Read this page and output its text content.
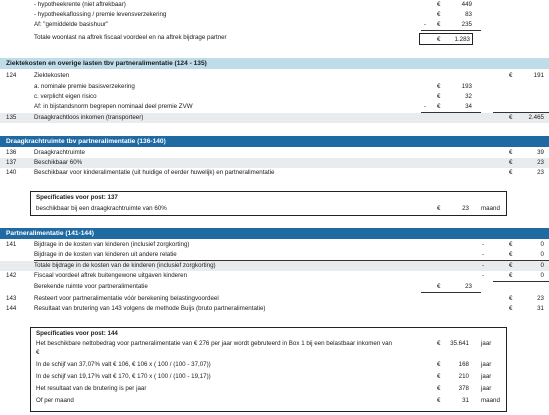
- hypotheekrente (niet aftrekbaar)	€	449
- hypotheekaflossing / premie levensverzekering	€	83
Af: "gemiddelde basishuur"	- €	235
Totale woonlast na aftrek fiscaal voordeel en na aftrek bijdrage partner	€	1.283
Ziektekosten en overige lasten tbv partneralimentatie (124 - 135)
124	Ziektekosten	€	191
a. nominale premie basisverzekering	€	193
c. verplicht eigen risico	€	32
Af: in bijstandsnorm begrepen nominaal deel premie ZVW	- €	34
135	Draagkrachtloos inkomen (transporteer)	€	2.465
Draagkrachtruimte tbv partneralimentatie (136-140)
136	Draagkrachtruimte	€	39
137	Beschikbaar 60%	€	23
140	Beschikbaar voor kinderalimentatie (uit huidige of eerder huwelijk) en partneralimentatie	€	23
Specificaties voor post: 137
beschikbaar bij een draagkrachtruimte van 60%	€	23 maand
Partneralimentatie (141-144)
141	Bijdrage in de kosten van kinderen (inclusief zorgkorting)	-	€	0
Bijdrage in de kosten van kinderen uit andere relatie	-	€	0
Totale bijdrage in de kosten van de kinderen (inclusief zorgkorting)	-	€	0
142	Fiscaal voordeel aftrek buitengewone uitgaven kinderen	-	€	0
Berekende ruimte voor partneralimentatie	€	23
143	Resteert voor partneralimentatie vóór berekening belastingvoordeel	€	23
144	Resultaat van brutering van 143 volgens de methode Buijs (bruto partneralimentatie)	€	31
Specificaties voor post: 144
Het beschikbare nettobedrag voor partneralimentatie van € 276 per jaar wordt gebruteerd in Box 1 bij een belastbaar inkomen van
€
€	35.641 jaar
In de schijf van 37,07% valt € 106, € 106 x ( 100 / (100 - 37,07))	€	168 jaar
In de schijf van 19,17% valt € 170, € 170 x ( 100 / (100 - 19,17))	€	210 jaar
Het resultaat van de brutering is per jaar	€	378 jaar
Of per maand	€	31 maand
